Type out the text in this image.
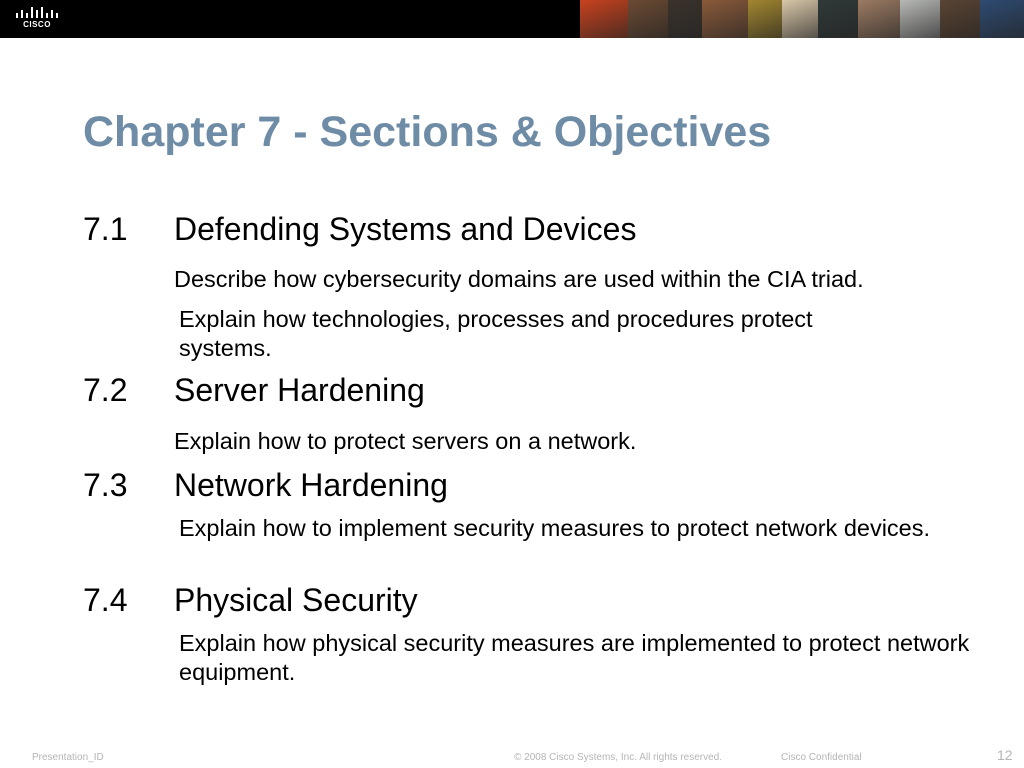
CISCO
Chapter 7 - Sections & Objectives
7.1 Defending Systems and Devices
Describe how cybersecurity domains are used within the CIA triad.
Explain how technologies, processes and procedures protect systems.
7.2 Server Hardening
Explain how to protect servers on a network.
7.3 Network Hardening
Explain how to implement security measures to protect network devices.
7.4 Physical Security
Explain how physical security measures are implemented to protect network equipment.
Presentation_ID	© 2008 Cisco Systems, Inc. All rights reserved.	Cisco Confidential	12
